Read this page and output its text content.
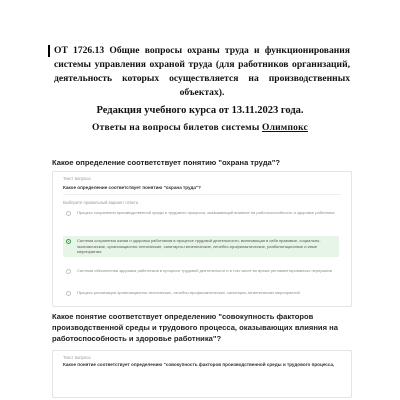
ОТ 1726.13 Общие вопросы охраны труда и функционирования системы управления охраной труда (для работников организаций, деятельность которых осуществляется на производственных объектах).
Редакция учебного курса от 13.11.2023 года.
Ответы на вопросы билетов системы Олимпокс
Какое определение соответствует понятию "охрана труда"?
Текст вопроса
Какое определение соответствует понятию "охрана труда"?
Выберите правильный вариант ответа
Процесс сохранения производственной среды и трудового процесса, оказывающий влияние на работоспособность и здоровье работника
Система сохранения жизни и здоровья работников в процессе трудовой деятельности, включающая в себя правовые, социально-экономические, организационно-технические, санитарно-гигиенические, лечебно-профилактические, реабилитационные и иные мероприятия
Система обеспечения здоровья работников в процессе трудовой деятельности и в том числе во время регламентированных перерывов
Процесс реализации организационно-технических, лечебно-профилактических, санитарно-гигиенических мероприятий
Какое понятие соответствует определению "совокупность факторов производственной среды и трудового процесса, оказывающих влияния на работоспособность и здоровье работника"?
Текст вопроса
Какое понятие соответствует определению "совокупность факторов производственной среды и трудового процесса,
